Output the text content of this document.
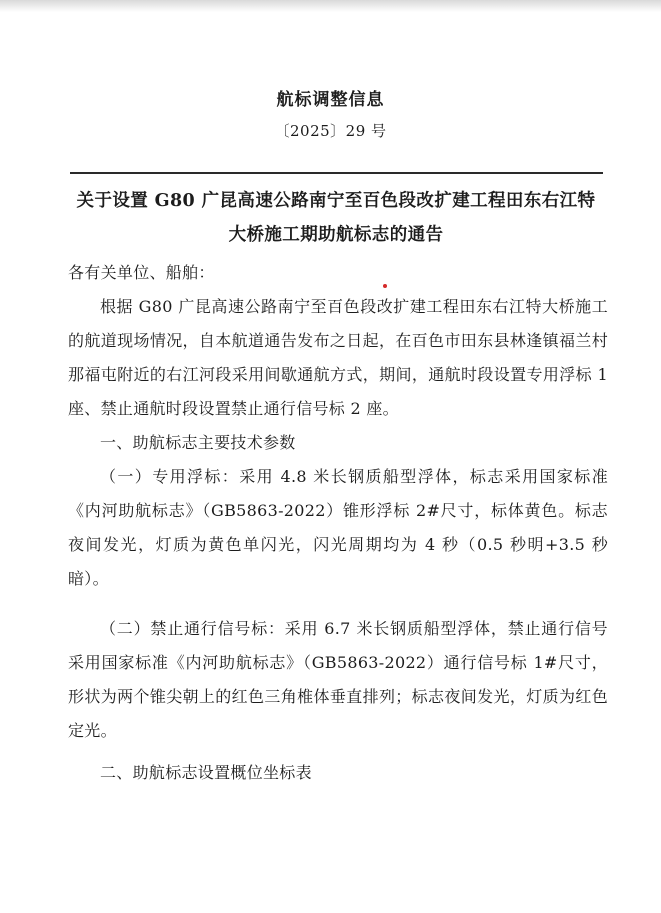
航标调整信息
〔2025〕29 号
关于设置 G80 广昆高速公路南宁至百色段改扩建工程田东右江特大桥施工期助航标志的通告

各有关单位、船舶：

根据 G80 广昆高速公路南宁至百色段改扩建工程田东右江特大桥施工的航道现场情况，自本航道通告发布之日起，在百色市田东县林逢镇福兰村那福屯附近的右江河段采用间歇通航方式，期间，通航时段设置专用浮标 1 座、禁止通航时段设置禁止通行信号标 2 座。

一、助航标志主要技术参数

（一）专用浮标：采用 4.8 米长钢质船型浮体，标志采用国家标准《内河助航标志》（GB5863-2022）锥形浮标 2#尺寸，标体黄色。标志夜间发光，灯质为黄色单闪光，闪光周期均为 4 秒（0.5 秒明+3.5 秒暗）。

（二）禁止通行信号标：采用 6.7 米长钢质船型浮体，禁止通行信号采用国家标准《内河助航标志》（GB5863-2022）通行信号标 1#尺寸，形状为两个锥尖朝上的红色三角椎体垂直排列；标志夜间发光，灯质为红色定光。

二、助航标志设置概位坐标表
